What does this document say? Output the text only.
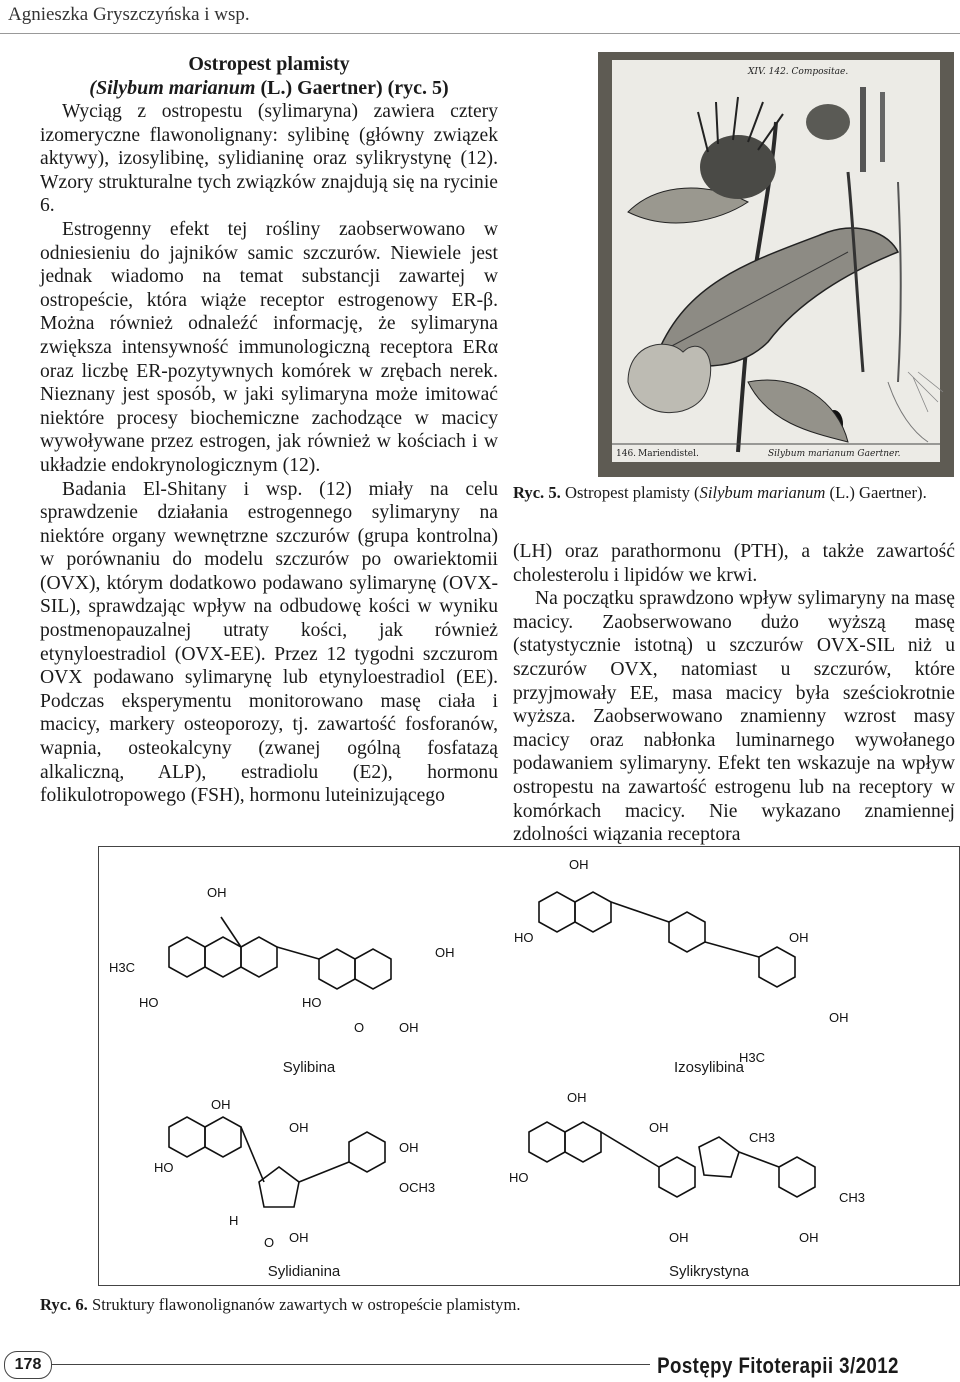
Agnieszka Gryszczyńska i wsp.
Ostropest plamisty
(Silybum marianum (L.) Gaertner) (ryc. 5)

Wyciąg z ostropestu (sylimaryna) zawiera cztery izomeryczne flawonolignany: sylibinę (główny związek aktywy), izosylibinę, sylidianinę oraz sylikrystynę (12). Wzory strukturalne tych związków znajdują się na rycinie 6.

Estrogenny efekt tej rośliny zaobserwowano w odniesieniu do jajników samic szczurów. Niewiele jest jednak wiadomo na temat substancji zawartej w ostropeście, która wiąże receptor estrogenowy ER-β. Można również odnaleźć informację, że sylimaryna zwiększa intensywność immunologiczną receptora ERα oraz liczbę ER-pozytywnych komórek w zrębach nerek. Nieznany jest sposób, w jaki sylimaryna może imitować niektóre procesy biochemiczne zachodzące w macicy wywoływane przez estrogen, jak również w kościach i w układzie endokrynologicznym (12).

Badania El-Shitany i wsp. (12) miały na celu sprawdzenie działania estrogennego sylimaryny na niektóre organy wewnętrzne szczurów (grupa kontrolna) w porównaniu do modelu szczurów po owariektomii (OVX), którym dodatkowo podawano sylimarynę (OVX-SIL), sprawdzając wpływ na odbudowę kości w wyniku postmenopauzalnej utraty kości, jak również etynyloestradiol (OVX-EE). Przez 12 tygodni szczurom OVX podawano sylimarynę lub etynyloestradiol (EE). Podczas eksperymentu monitorowano masę ciała i macicy, markery osteoporozy, tj. zawartość fosforanów, wapnia, osteokalcyny (zwanej ogólną fosfatazą alkaliczną, ALP), estradiolu (E2), hormonu folikulotropowego (FSH), hormonu luteinizującego

Mariendistel.
146.	Silybum marianum Gaertner.
XIV. 142. Compositae.
Ryc. 5. Ostropest plamisty (Silybum marianum (L.) Gaertner).

(LH) oraz parathormonu (PTH), a także zawartość cholesterolu i lipidów we krwi.

Na początku sprawdzono wpływ sylimaryny na masę macicy. Zaobserwowano dużo wyższą masę (statystycznie istotną) u szczurów OVX-SIL niż u szczurów OVX, natomiast u szczurów, które przyjmowały EE, masa macicy była sześciokrotnie wyższa. Zaobserwowano znamienny wzrost masy macicy oraz nabłonka luminarnego wywołanego podawaniem sylimaryny. Efekt ten wskazuje na wpływ ostropestu na zawartość estrogenu lub na receptory w komórkach macicy. Nie wykazano znamiennej zdolności wiązania receptora

OH
H3C
HO	HO
OH
OH
O
OH
HO	OH
OH
H3C
OH
HO
OH
OH
OCH3
OH
O
H
OH
HO
OH
CH3
CH3
OH	OH
Sylibina	Izosylibina
Sylidianina	Sylikrystyna
Ryc. 6. Struktury flawonolignanów zawartych w ostropeście plamistym.
178	Postępy Fitoterapii 3/2012
